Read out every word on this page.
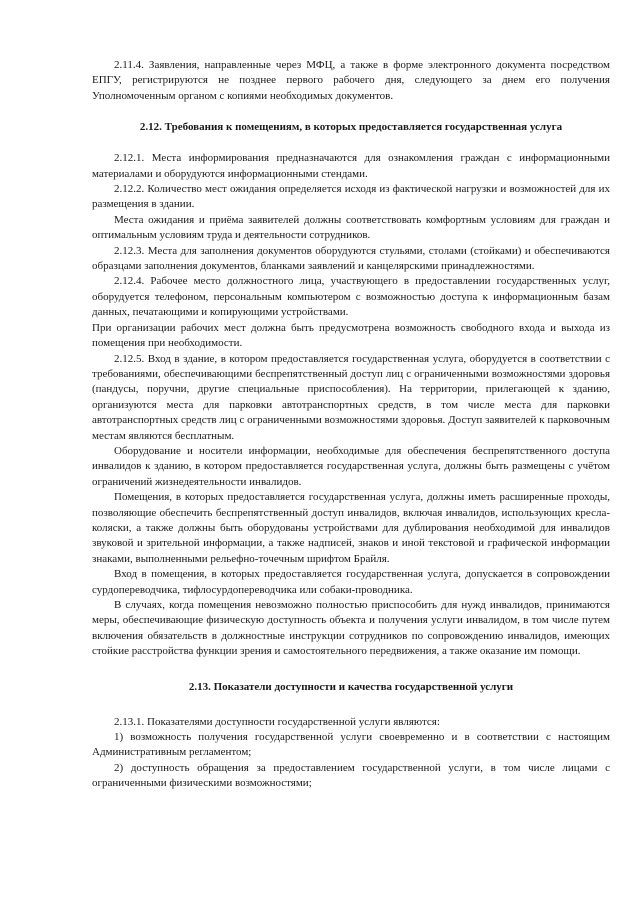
2.11.4. Заявления, направленные через МФЦ, а также в форме электронного документа посредством ЕПГУ, регистрируются не позднее первого рабочего дня, следующего за днем его получения Уполномоченным органом с копиями необходимых документов.

2.12. Требования к помещениям, в которых предоставляется государственная услуга

2.12.1. Места информирования предназначаются для ознакомления граждан с информационными материалами и оборудуются информационными стендами.

2.12.2. Количество мест ожидания определяется исходя из фактической нагрузки и возможностей для их размещения в здании.

Места ожидания и приёма заявителей должны соответствовать комфортным условиям для граждан и оптимальным условиям труда и деятельности сотрудников.

2.12.3. Места для заполнения документов оборудуются стульями, столами (стойками) и обеспечиваются образцами заполнения документов, бланками заявлений и канцелярскими принадлежностями.

2.12.4. Рабочее место должностного лица, участвующего в предоставлении государственных услуг, оборудуется телефоном, персональным компьютером с возможностью доступа к информационным базам данных, печатающими и копирующими устройствами.

При организации рабочих мест должна быть предусмотрена возможность свободного входа и выхода из помещения при необходимости.

2.12.5. Вход в здание, в котором предоставляется государственная услуга, оборудуется в соответствии с требованиями, обеспечивающими беспрепятственный доступ лиц с ограниченными возможностями здоровья (пандусы, поручни, другие специальные приспособления). На территории, прилегающей к зданию, организуются места для парковки автотранспортных средств, в том числе места для парковки автотранспортных средств лиц с ограниченными возможностями здоровья. Доступ заявителей к парковочным местам являются бесплатным.

Оборудование и носители информации, необходимые для обеспечения беспрепятственного доступа инвалидов к зданию, в котором предоставляется государственная услуга, должны быть размещены с учётом ограничений жизнедеятельности инвалидов.

Помещения, в которых предоставляется государственная услуга, должны иметь расширенные проходы, позволяющие обеспечить беспрепятственный доступ инвалидов, включая инвалидов, использующих кресла-коляски, а также должны быть оборудованы устройствами для дублирования необходимой для инвалидов звуковой и зрительной информации, а также надписей, знаков и иной текстовой и графической информации знаками, выполненными рельефно-точечным шрифтом Брайля.

Вход в помещения, в которых предоставляется государственная услуга, допускается в сопровождении сурдопереводчика, тифлосурдопереводчика или собаки-проводника.

В случаях, когда помещения невозможно полностью приспособить для нужд инвалидов, принимаются меры, обеспечивающие физическую доступность объекта и получения услуги инвалидом, в том числе путем включения обязательств в должностные инструкции сотрудников по сопровождению инвалидов, имеющих стойкие расстройства функции зрения и самостоятельного передвижения, а также оказание им помощи.

2.13. Показатели доступности и качества государственной услуги

2.13.1. Показателями доступности государственной услуги являются:

1) возможность получения государственной услуги своевременно и в соответствии с настоящим Административным регламентом;

2) доступность обращения за предоставлением государственной услуги, в том числе лицами с ограниченными физическими возможностями;
